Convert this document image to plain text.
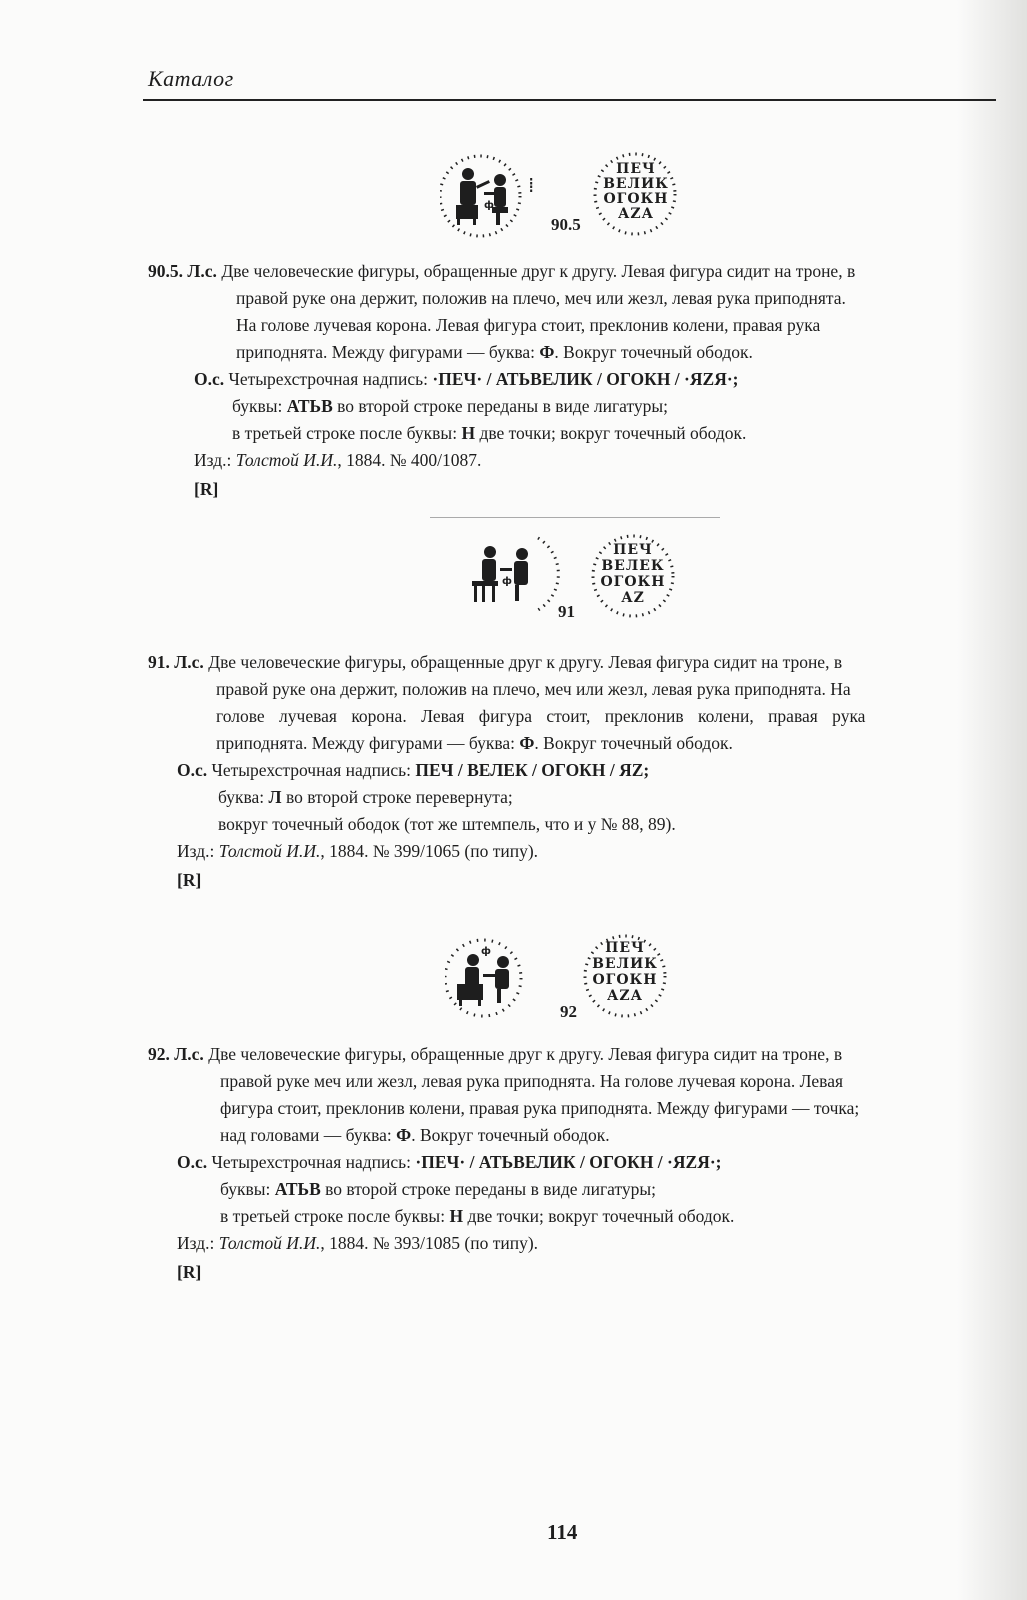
Каталог
ф
⁞
ПЕЧ
ВЕЛИК
ОГОКН
АZА
90.5
90.5. Л.с. Две человеческие фигуры, обращенные друг к другу. Левая фигура сидит на троне, в
правой руке она держит, положив на плечо, меч или жезл, левая рука приподнята.
На голове лучевая корона. Левая фигура стоит, преклонив колени, правая рука
приподнята. Между фигурами — буква: Ф. Вокруг точечный ободок.
О.с. Четырехстрочная надпись: ·ПЕЧ· / АТЬВЕЛИК / ОГОКН / ·ЯZЯ·;
буквы: АТЬВ во второй строке переданы в виде лигатуры;
в третьей строке после буквы: Н две точки; вокруг точечный ободок.
Изд.: Толстой И.И., 1884. № 400/1087.
[R]
ф
ПЕЧ
ВЕЛЕК
ОГОКН
АZ
91
91. Л.с. Две человеческие фигуры, обращенные друг к другу. Левая фигура сидит на троне, в
правой руке она держит, положив на плечо, меч или жезл, левая рука приподнята. На
голове лучевая корона. Левая фигура стоит, преклонив колени, правая рука
приподнята. Между фигурами — буква: Ф. Вокруг точечный ободок.
О.с. Четырехстрочная надпись: ПЕЧ / ВЕЛЕК / ОГОКН / ЯZ;
буква: Л во второй строке перевернута;
вокруг точечный ободок (тот же штемпель, что и у № 88, 89).
Изд.: Толстой И.И., 1884. № 399/1065 (по типу).
[R]
ф	ПЕЧ
ВЕЛИК
ОГОКН
АZА
92
92. Л.с. Две человеческие фигуры, обращенные друг к другу. Левая фигура сидит на троне, в
правой руке меч или жезл, левая рука приподнята. На голове лучевая корона. Левая
фигура стоит, преклонив колени, правая рука приподнята. Между фигурами — точка;
над головами — буква: Ф. Вокруг точечный ободок.
О.с. Четырехстрочная надпись: ·ПЕЧ· / АТЬВЕЛИК / ОГОКН / ·ЯZЯ·;
буквы: АТЬВ во второй строке переданы в виде лигатуры;
в третьей строке после буквы: Н две точки; вокруг точечный ободок.
Изд.: Толстой И.И., 1884. № 393/1085 (по типу).
[R]
114
